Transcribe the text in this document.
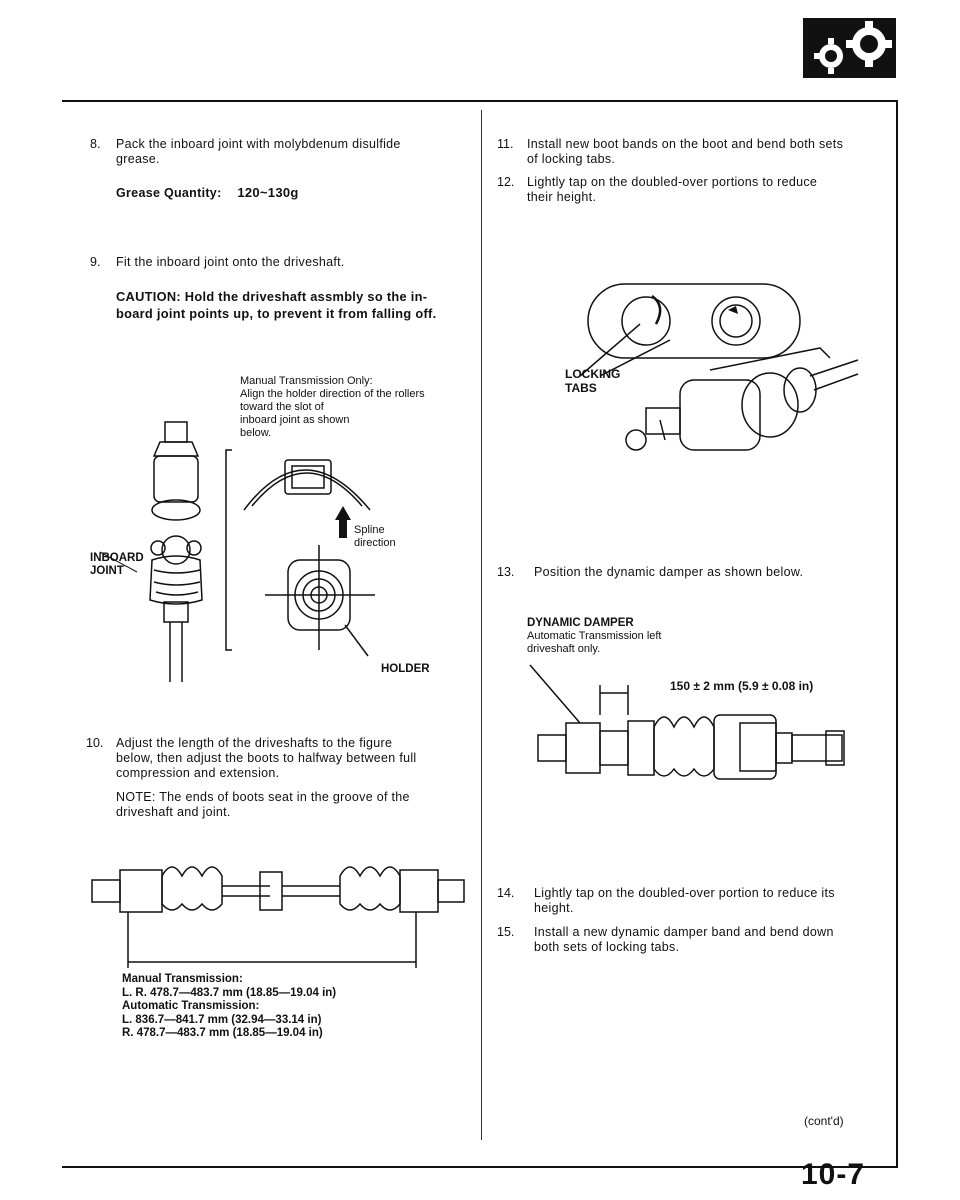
8. Pack the inboard joint with molybdenum disulfide
grease.
Grease Quantity: 120~130g
9. Fit the inboard joint onto the driveshaft.
CAUTION: Hold the driveshaft assmbly so the in-
board joint points up, to prevent it from falling off.
Manual Transmission Only:
Align the holder direction of the rollers
toward the slot of
inboard joint as shown
below.
Spline
direction
INBOARD
JOINT
HOLDER
10. Adjust the length of the driveshafts to the figure
below, then adjust the boots to halfway between full
compression and extension.
NOTE: The ends of boots seat in the groove of the
driveshaft and joint.
Manual Transmission:
L. R. 478.7—483.7 mm (18.85—19.04 in)
Automatic Transmission:
L. 836.7—841.7 mm (32.94—33.14 in)
R. 478.7—483.7 mm (18.85—19.04 in)
11. Install new boot bands on the boot and bend both sets
of locking tabs.
12. Lightly tap on the doubled-over portions to reduce
their height.
LOCKING
TABS
13. Position the dynamic damper as shown below.
DYNAMIC DAMPER
Automatic Transmission left
driveshaft only.
150 ± 2 mm (5.9 ± 0.08 in)
14. Lightly tap on the doubled-over portion to reduce its
height.
15. Install a new dynamic damper band and bend down
both sets of locking tabs.
(cont'd)
10-7
